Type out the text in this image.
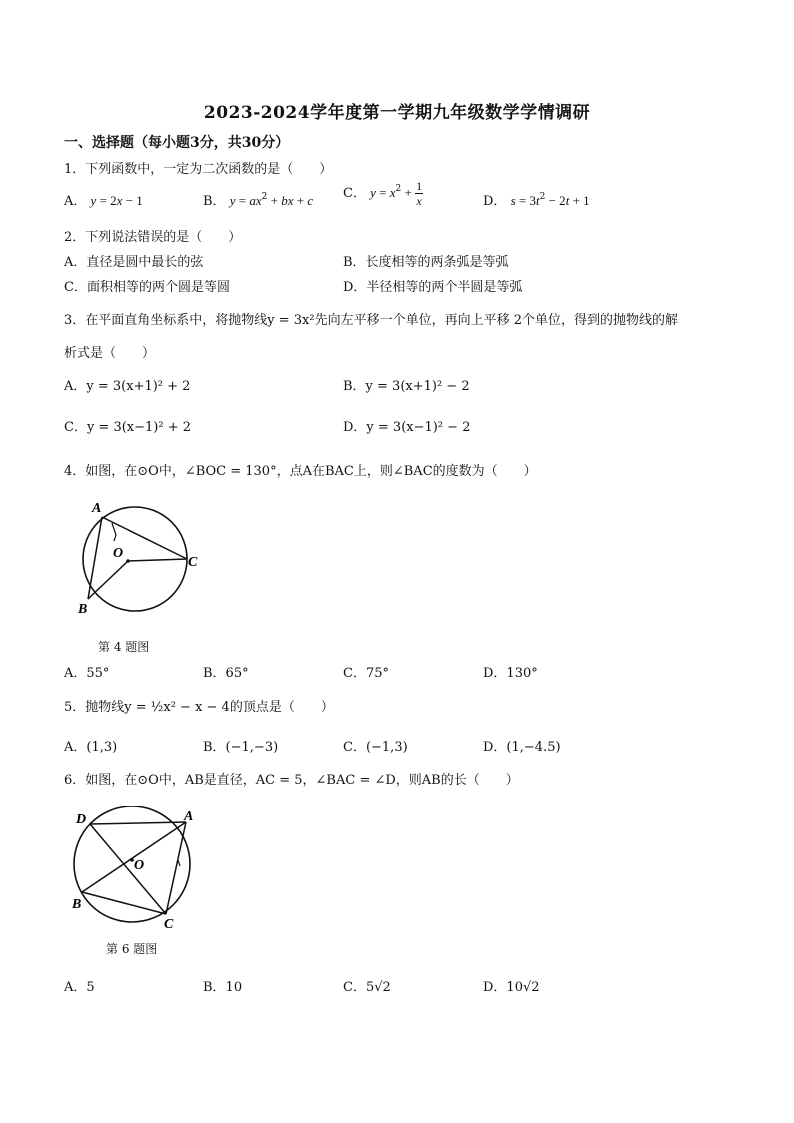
2023-2024学年度第一学期九年级数学学情调研
一、选择题（每小题3分，共30分）
1．下列函数中，一定为二次函数的是（　　）
A． y = 2x − 1	B． $y = ax^2$ + bx + c C． $y = x^2 + \frac{1}{x}$	D． $s = 3t^2 - 2t + 1$
2．下列说法错误的是（　　）
A．直径是圆中最长的弦	B．长度相等的两条弧是等弧
C．面积相等的两个圆是等圆	D．半径相等的两个半圆是等弧
3．在平面直角坐标系中，将抛物线y = 3x²先向左平移一个单位，再向上平移 2个单位，得到的抛物线的解
析式是（　　）
A．y = 3(x+1)² + 2	B．y = 3(x+1)² − 2
C．y = 3(x−1)² + 2	D．y = 3(x−1)² − 2
4．如图，在⊙O中，∠BOC = 130°，点A在BAC上，则∠BAC的度数为（　　）
A
O
C
B
第 4 题图
A．55°	B．65°	C．75°	D．130°
5．抛物线y = ½x² − x − 4的顶点是（　　）
A．(1,3)	B．(−1,−3)	C．(−1,3)	D．(1,−4.5)
6．如图，在⊙O中，AB是直径，AC = 5，∠BAC = ∠D，则AB的长（　　）
D	A
O
B
C
第 6 题图
A．5	B．10	C．5√2	D．10√2
